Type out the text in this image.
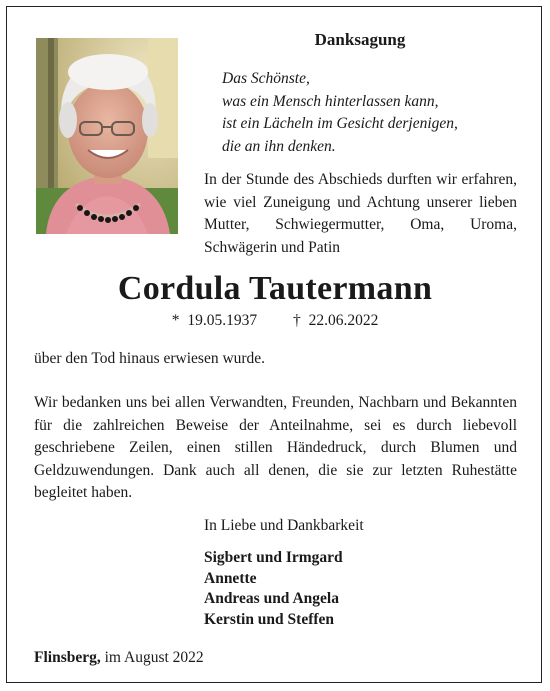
Danksagung
Das Schönste,
was ein Mensch hinterlassen kann,
ist ein Lächeln im Gesicht derjenigen,
die an ihn denken.
In der Stunde des Abschieds durften wir erfahren, wie viel Zuneigung und Achtung unserer lieben Mutter, Schwiegermutter, Oma, Uroma, Schwägerin und Patin
Cordula Tautermann
* 19.05.1937 † 22.06.2022
über den Tod hinaus erwiesen wurde.
Wir bedanken uns bei allen Verwandten, Freunden, Nachbarn und Bekannten für die zahlreichen Beweise der Anteilnahme, sei es durch liebevoll geschriebene Zeilen, einen stillen Händedruck, durch Blumen und Geldzuwendungen. Dank auch all denen, die sie zur letzten Ruhestätte begleitet haben.
In Liebe und Dankbarkeit
Sigbert und Irmgard
Annette
Andreas und Angela
Kerstin und Steffen
Flinsberg, im August 2022
